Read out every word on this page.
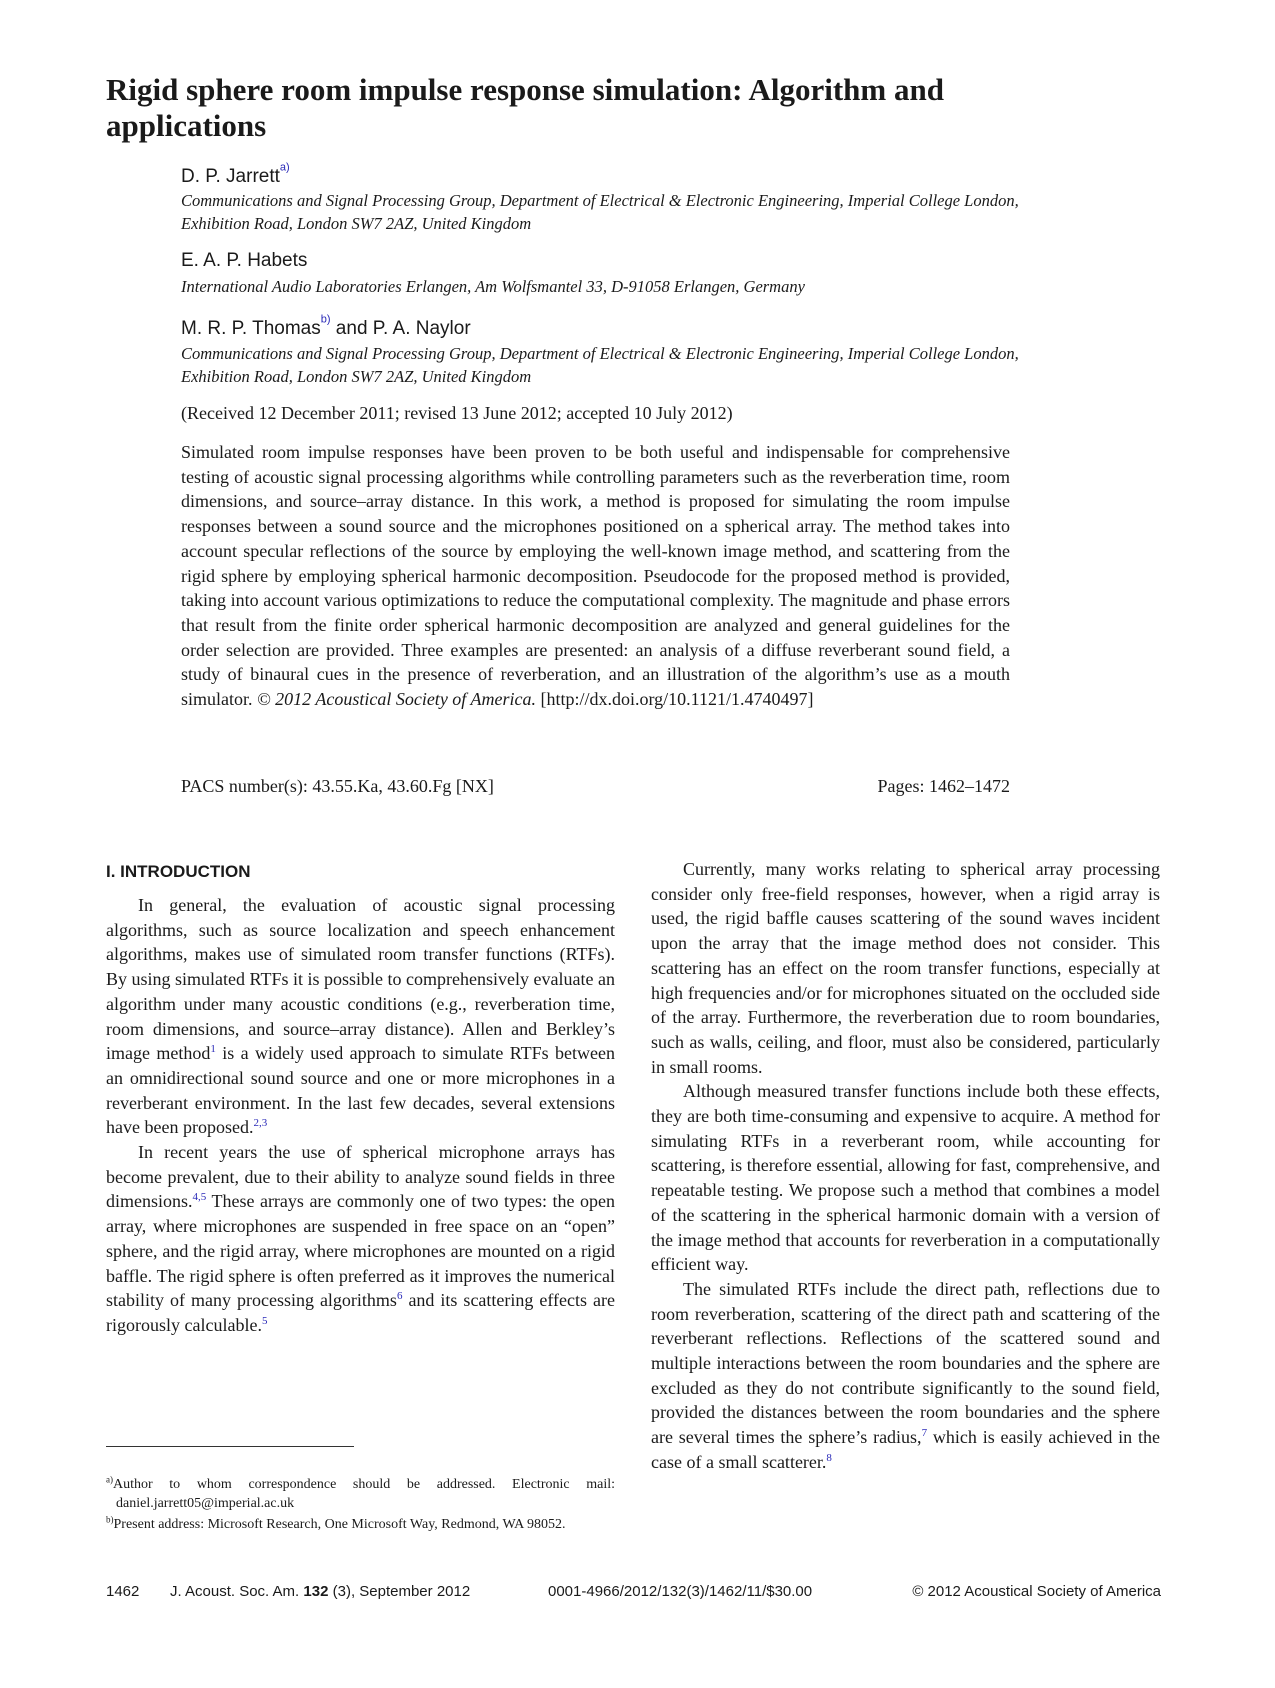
Rigid sphere room impulse response simulation: Algorithm and applications
D. P. Jarrett$^{a)}$
Communications and Signal Processing Group, Department of Electrical & Electronic Engineering, Imperial College London, Exhibition Road, London SW7 2AZ, United Kingdom
E. A. P. Habets
International Audio Laboratories Erlangen, Am Wolfsmantel 33, D-91058 Erlangen, Germany
M. R. P. Thomas$^{b)}$ and P. A. Naylor
Communications and Signal Processing Group, Department of Electrical & Electronic Engineering, Imperial College London, Exhibition Road, London SW7 2AZ, United Kingdom
(Received 12 December 2011; revised 13 June 2012; accepted 10 July 2012)
Simulated room impulse responses have been proven to be both useful and indispensable for comprehensive testing of acoustic signal processing algorithms while controlling parameters such as the reverberation time, room dimensions, and source–array distance. In this work, a method is proposed for simulating the room impulse responses between a sound source and the microphones positioned on a spherical array. The method takes into account specular reflections of the source by employing the well-known image method, and scattering from the rigid sphere by employing spherical harmonic decomposition. Pseudocode for the proposed method is provided, taking into account various optimizations to reduce the computational complexity. The magnitude and phase errors that result from the finite order spherical harmonic decomposition are analyzed and general guidelines for the order selection are provided. Three examples are presented: an analysis of a diffuse reverberant sound field, a study of binaural cues in the presence of reverberation, and an illustration of the algorithm’s use as a mouth simulator. © 2012 Acoustical Society of America. [http://dx.doi.org/10.1121/1.4740497]
PACS number(s): 43.55.Ka, 43.60.Fg [NX]	Pages: 1462–1472
I. INTRODUCTION

In general, the evaluation of acoustic signal processing algorithms, such as source localization and speech enhancement algorithms, makes use of simulated room transfer functions (RTFs). By using simulated RTFs it is possible to comprehensively evaluate an algorithm under many acoustic conditions (e.g., reverberation time, room dimensions, and source–array distance). Allen and Berkley’s image method$^1$ is a widely used approach to simulate RTFs between an omnidirectional sound source and one or more microphones in a reverberant environment. In the last few decades, several extensions have been proposed.$^{2,3}$

In recent years the use of spherical microphone arrays has become prevalent, due to their ability to analyze sound fields in three dimensions.$^{4,5}$ These arrays are commonly one of two types: the open array, where microphones are suspended in free space on an “open” sphere, and the rigid array, where microphones are mounted on a rigid baffle. The rigid sphere is often preferred as it improves the numerical stability of many processing algorithms$^6$ and its scattering effects are rigorously calculable.$^5$

Currently, many works relating to spherical array processing consider only free-field responses, however, when a rigid array is used, the rigid baffle causes scattering of the sound waves incident upon the array that the image method does not consider. This scattering has an effect on the room transfer functions, especially at high frequencies and/or for microphones situated on the occluded side of the array. Furthermore, the reverberation due to room boundaries, such as walls, ceiling, and floor, must also be considered, particularly in small rooms.

Although measured transfer functions include both these effects, they are both time-consuming and expensive to acquire. A method for simulating RTFs in a reverberant room, while accounting for scattering, is therefore essential, allowing for fast, comprehensive, and repeatable testing. We propose such a method that combines a model of the scattering in the spherical harmonic domain with a version of the image method that accounts for reverberation in a computationally efficient way.

The simulated RTFs include the direct path, reflections due to room reverberation, scattering of the direct path and scattering of the reverberant reflections. Reflections of the scattered sound and multiple interactions between the room boundaries and the sphere are excluded as they do not contribute significantly to the sound field, provided the distances between the room boundaries and the sphere are several times the sphere’s radius,$^7$ which is easily achieved in the case of a small scatterer.$^8$

$^{a)}$Author to whom correspondence should be addressed. Electronic mail: daniel.jarrett05@imperial.ac.uk
$^{b)}$Present address: Microsoft Research, One Microsoft Way, Redmond, WA 98052.
1462 J. Acoust. Soc. Am. 132 (3), September 2012	0001-4966/2012/132(3)/1462/11/$30.00	© 2012 Acoustical Society of America
